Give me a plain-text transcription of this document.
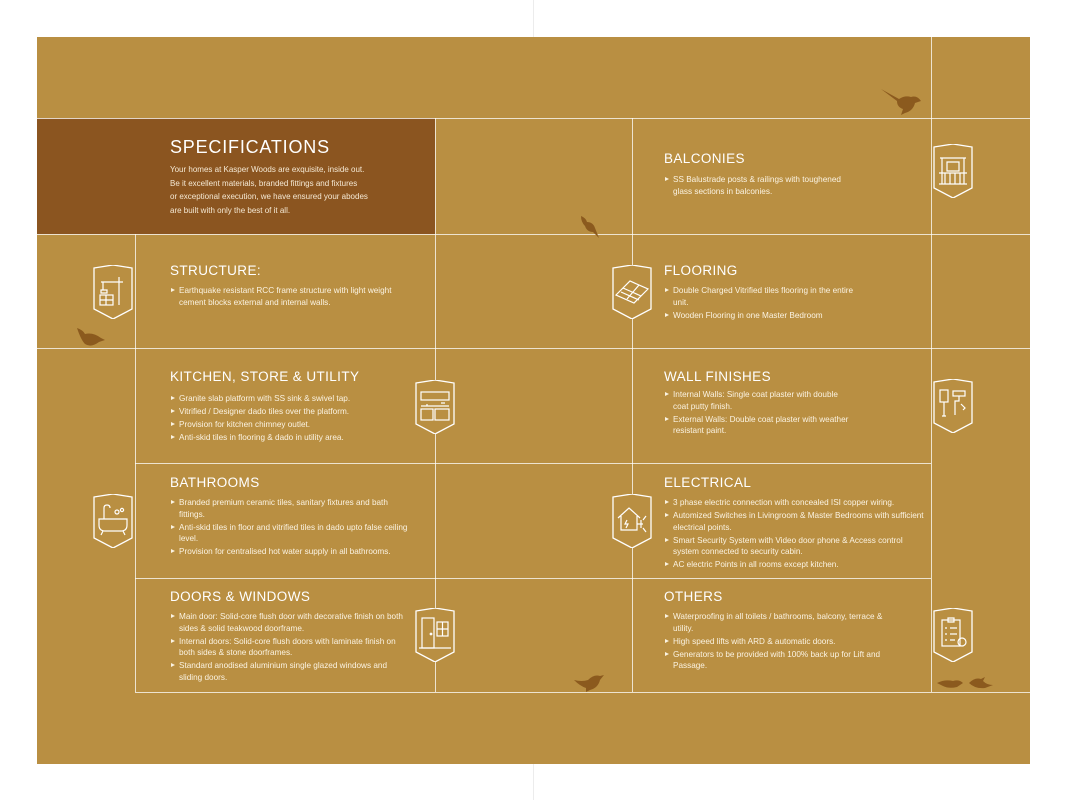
SPECIFICATIONS
Your homes at Kasper Woods are exquisite, inside out.
Be it excellent materials, branded fittings and fixtures
or exceptional execution, we have ensured your abodes
are built with only the best of it all.
STRUCTURE:
Earthquake resistant RCC frame structure with light weight cement blocks external and internal walls.
KITCHEN, STORE & UTILITY
Granite slab platform with SS sink & swivel tap.
Vitrified / Designer dado tiles over the platform.
Provision for kitchen chimney outlet.
Anti-skid tiles in flooring & dado in utility area.
BATHROOMS
Branded premium ceramic tiles, sanitary fixtures and bath fittings.
Anti-skid tiles in floor and vitrified tiles in dado upto false ceiling level.
Provision for centralised hot water supply in all bathrooms.
DOORS & WINDOWS
Main door: Solid-core flush door with decorative finish on both sides & solid teakwood doorframe.
Internal doors: Solid-core flush doors with laminate finish on both sides & stone doorframes.
Standard anodised aluminium single glazed windows and sliding doors.
BALCONIES
SS Balustrade posts & railings with toughened glass sections in balconies.
FLOORING
Double Charged Vitrified tiles flooring in the entire unit.
Wooden Flooring in one Master Bedroom
WALL FINISHES
Internal Walls: Single coat plaster with double coat putty finish.
External Walls: Double coat plaster with weather resistant paint.
ELECTRICAL
3 phase electric connection with concealed ISI copper wiring.
Automized Switches in Livingroom & Master Bedrooms with sufficient electrical points.
Smart Security System with Video door phone & Access control system connected to security cabin.
AC electric Points in all rooms except kitchen.
OTHERS
Waterproofing in all toilets / bathrooms, balcony, terrace & utility.
High speed lifts with ARD & automatic doors.
Generators to be provided with 100% back up for Lift and Passage.
